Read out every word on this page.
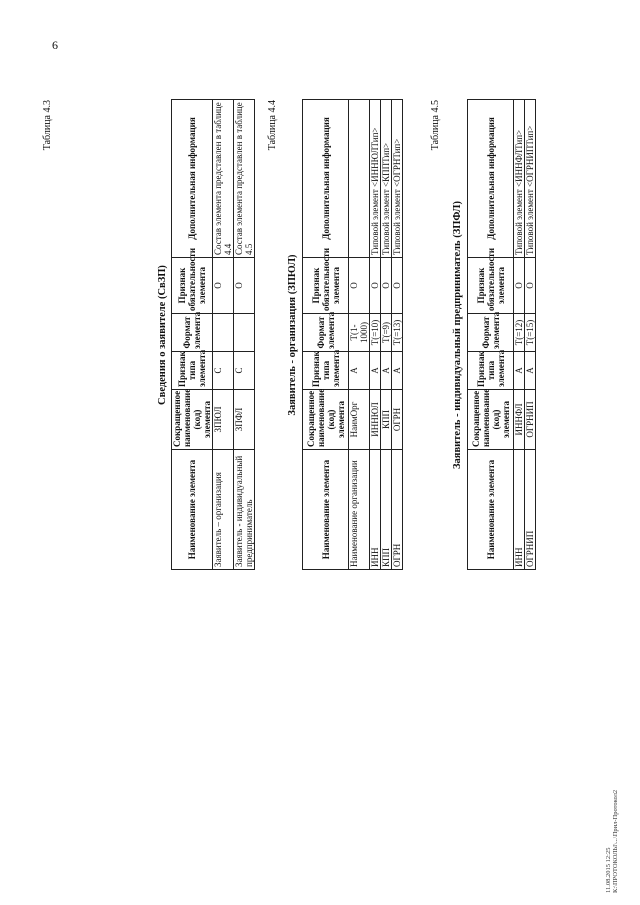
6
Таблица 4.3
Сведения о заявителе (СвЗП)
Наименование элемента	Сокращенное наименование (код) элемента	Признак типа элемента	Формат элемента	Признак обязательности элемента	Дополнительная информация
Заявитель – организация	ЗПЮЛ	С		О	Состав элемента представлен в таблице 4.4
Заявитель - индивидуальный предприниматель	ЗПФЛ	С		О	Состав элемента представлен в таблице 4.5
Таблица 4.4
Заявитель - организация (ЗПЮЛ)
Наименование элемента	Сокращенное наименование (код) элемента	Признак типа элемента	Формат элемента	Признак обязательности элемента	Дополнительная информация
Наименование организации	НаимОрг	А	Т(1-1000)	О	
ИНН	ИННЮЛ	А	Т(=10)	О	Типовой элемент <ИННЮЛТип>
КПП	КПП	А	Т(=9)	О	Типовой элемент <КППТип>
ОГРН	ОГРН	А	Т(=13)	О	Типовой элемент <ОГРНТип>
Таблица 4.5
Заявитель - индивидуальный предприниматель (ЗПФЛ)
Наименование элемента	Сокращенное наименование (код) элемента	Признак типа элемента	Формат элемента	Признак обязательности элемента	Дополнительная информация
ИНН	ИННФЛ	А	Т(=12)	О	Типовой элемент <ИННФЛТип>
ОГРНИП	ОГРНИП	А	Т(=15)	О	Типовой элемент <ОГРНИПТип>
11.08.2015 12:25 К:\ПРОТОКОЛЫ\...\Прил-Протокол2
